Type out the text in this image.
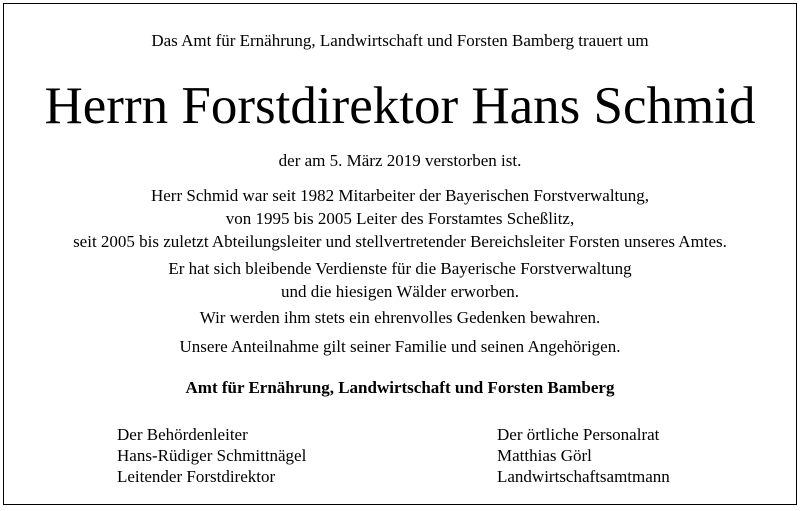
Das Amt für Ernährung, Landwirtschaft und Forsten Bamberg trauert um
Herrn Forstdirektor Hans Schmid
der am 5. März 2019 verstorben ist.
Herr Schmid war seit 1982 Mitarbeiter der Bayerischen Forstverwaltung,
von 1995 bis 2005 Leiter des Forstamtes Scheßlitz,
seit 2005 bis zuletzt Abteilungsleiter und stellvertretender Bereichsleiter Forsten unseres Amtes.
Er hat sich bleibende Verdienste für die Bayerische Forstverwaltung
und die hiesigen Wälder erworben.
Wir werden ihm stets ein ehrenvolles Gedenken bewahren.
Unsere Anteilnahme gilt seiner Familie und seinen Angehörigen.
Amt für Ernährung, Landwirtschaft und Forsten Bamberg
Der Behördenleiter
Hans-Rüdiger Schmittnägel
Leitender Forstdirektor
Der örtliche Personalrat
Matthias Görl
Landwirtschaftsamtmann
